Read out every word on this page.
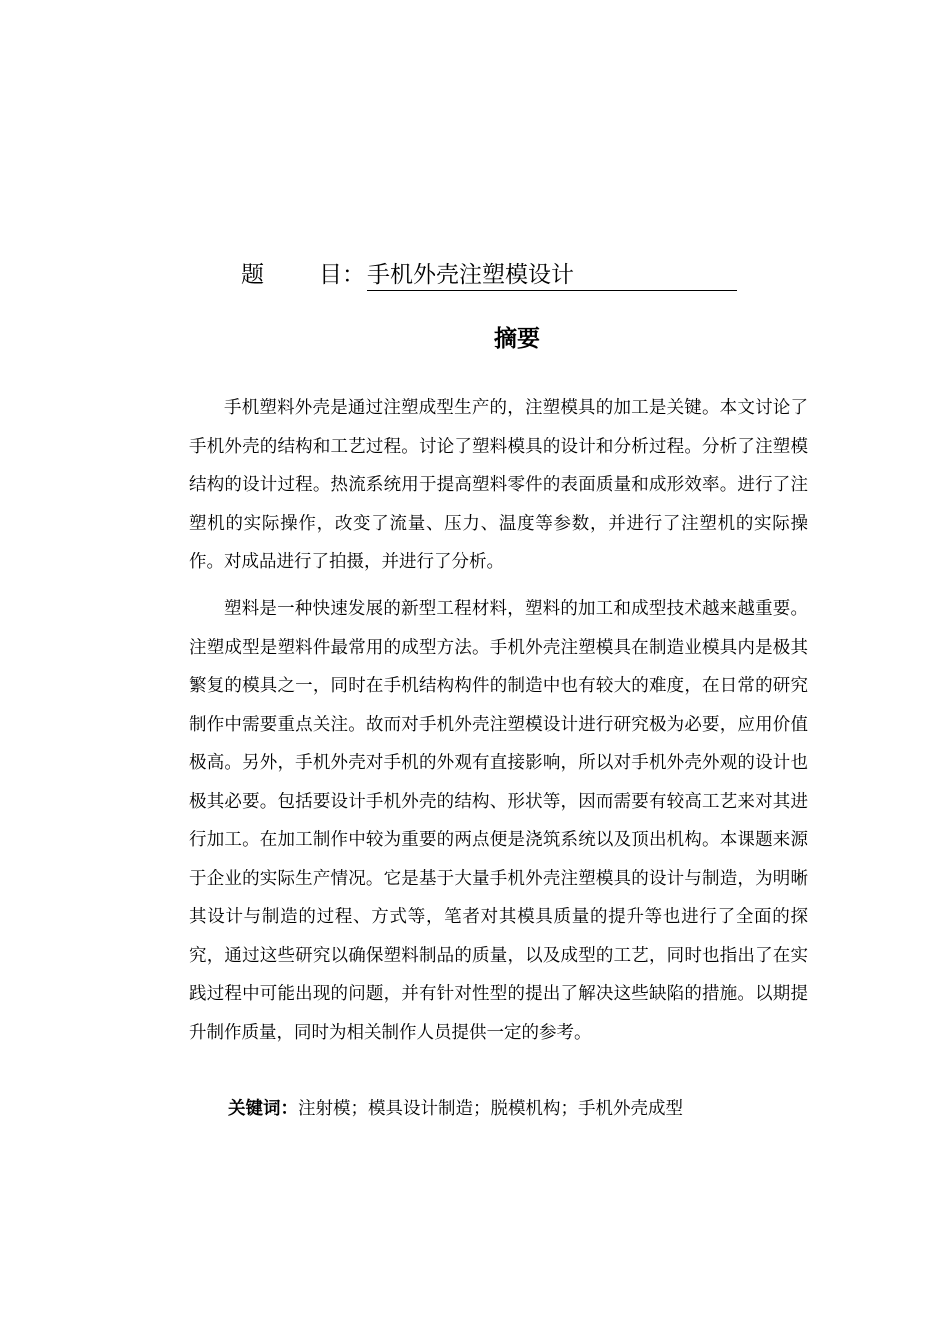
题 目：手机外壳注塑模设计
摘要
手机塑料外壳是通过注塑成型生产的，注塑模具的加工是关键。本文讨论了手机外壳的结构和工艺过程。讨论了塑料模具的设计和分析过程。分析了注塑模结构的设计过程。热流系统用于提高塑料零件的表面质量和成形效率。进行了注塑机的实际操作，改变了流量、压力、温度等参数，并进行了注塑机的实际操作。对成品进行了拍摄，并进行了分析。
塑料是一种快速发展的新型工程材料，塑料的加工和成型技术越来越重要。注塑成型是塑料件最常用的成型方法。手机外壳注塑模具在制造业模具内是极其繁复的模具之一，同时在手机结构构件的制造中也有较大的难度，在日常的研究制作中需要重点关注。故而对手机外壳注塑模设计进行研究极为必要，应用价值极高。另外，手机外壳对手机的外观有直接影响，所以对手机外壳外观的设计也极其必要。包括要设计手机外壳的结构、形状等，因而需要有较高工艺来对其进行加工。在加工制作中较为重要的两点便是浇筑系统以及顶出机构。本课题来源于企业的实际生产情况。它是基于大量手机外壳注塑模具的设计与制造，为明晰其设计与制造的过程、方式等，笔者对其模具质量的提升等也进行了全面的探究，通过这些研究以确保塑料制品的质量，以及成型的工艺，同时也指出了在实践过程中可能出现的问题，并有针对性型的提出了解决这些缺陷的措施。以期提升制作质量，同时为相关制作人员提供一定的参考。
关键词：注射模；模具设计制造；脱模机构；手机外壳成型
